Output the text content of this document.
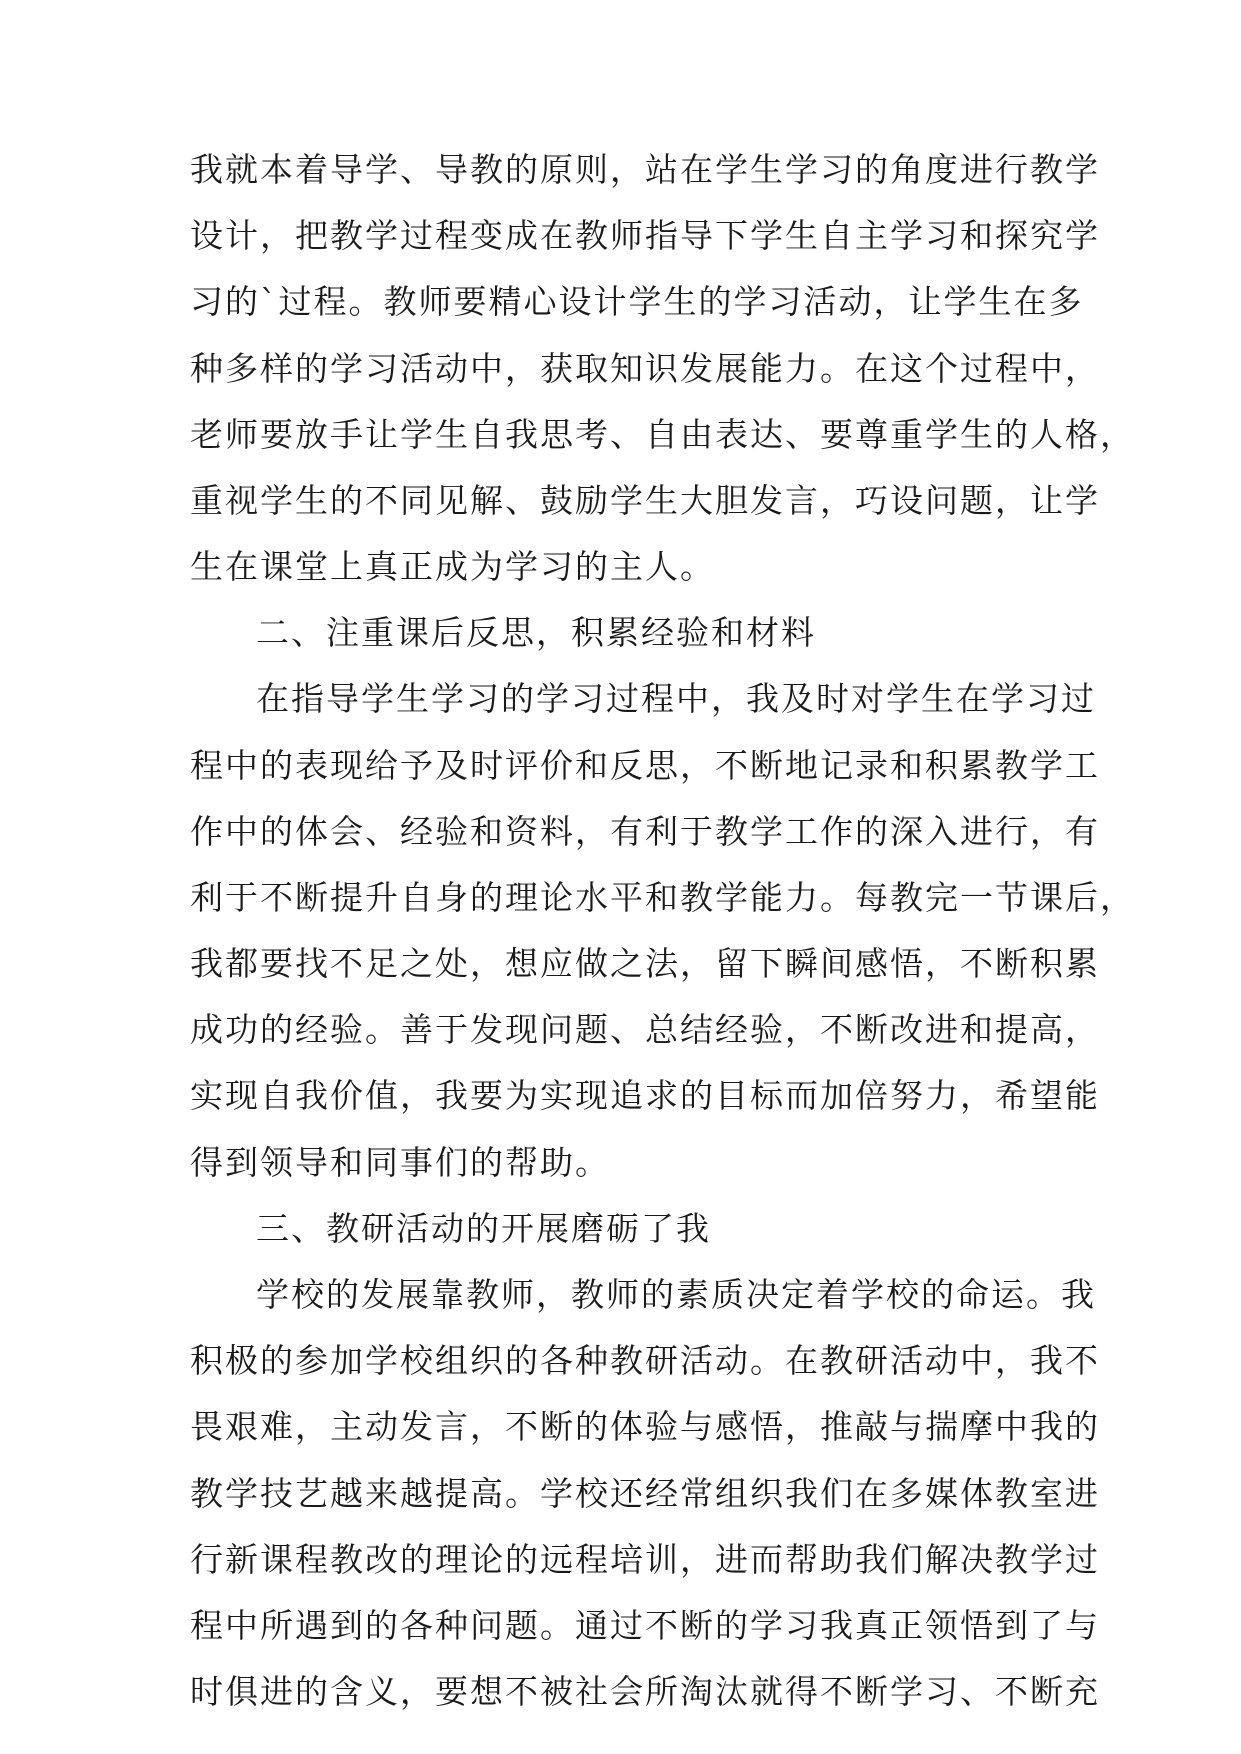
我就本着导学、导教的原则，站在学生学习的角度进行教学
设计，把教学过程变成在教师指导下学生自主学习和探究学
习的`过程。教师要精心设计学生的学习活动，让学生在多
种多样的学习活动中，获取知识发展能力。在这个过程中，
老师要放手让学生自我思考、自由表达、要尊重学生的人格，
重视学生的不同见解、鼓励学生大胆发言，巧设问题，让学
生在课堂上真正成为学习的主人。
二、注重课后反思，积累经验和材料
在指导学生学习的学习过程中，我及时对学生在学习过
程中的表现给予及时评价和反思，不断地记录和积累教学工
作中的体会、经验和资料，有利于教学工作的深入进行，有
利于不断提升自身的理论水平和教学能力。每教完一节课后，
我都要找不足之处，想应做之法，留下瞬间感悟，不断积累
成功的经验。善于发现问题、总结经验，不断改进和提高，
实现自我价值，我要为实现追求的目标而加倍努力，希望能
得到领导和同事们的帮助。
三、教研活动的开展磨砺了我
学校的发展靠教师，教师的素质决定着学校的命运。我
积极的参加学校组织的各种教研活动。在教研活动中，我不
畏艰难，主动发言，不断的体验与感悟，推敲与揣摩中我的
教学技艺越来越提高。学校还经常组织我们在多媒体教室进
行新课程教改的理论的远程培训，进而帮助我们解决教学过
程中所遇到的各种问题。通过不断的学习我真正领悟到了与
时俱进的含义，要想不被社会所淘汰就得不断学习、不断充
